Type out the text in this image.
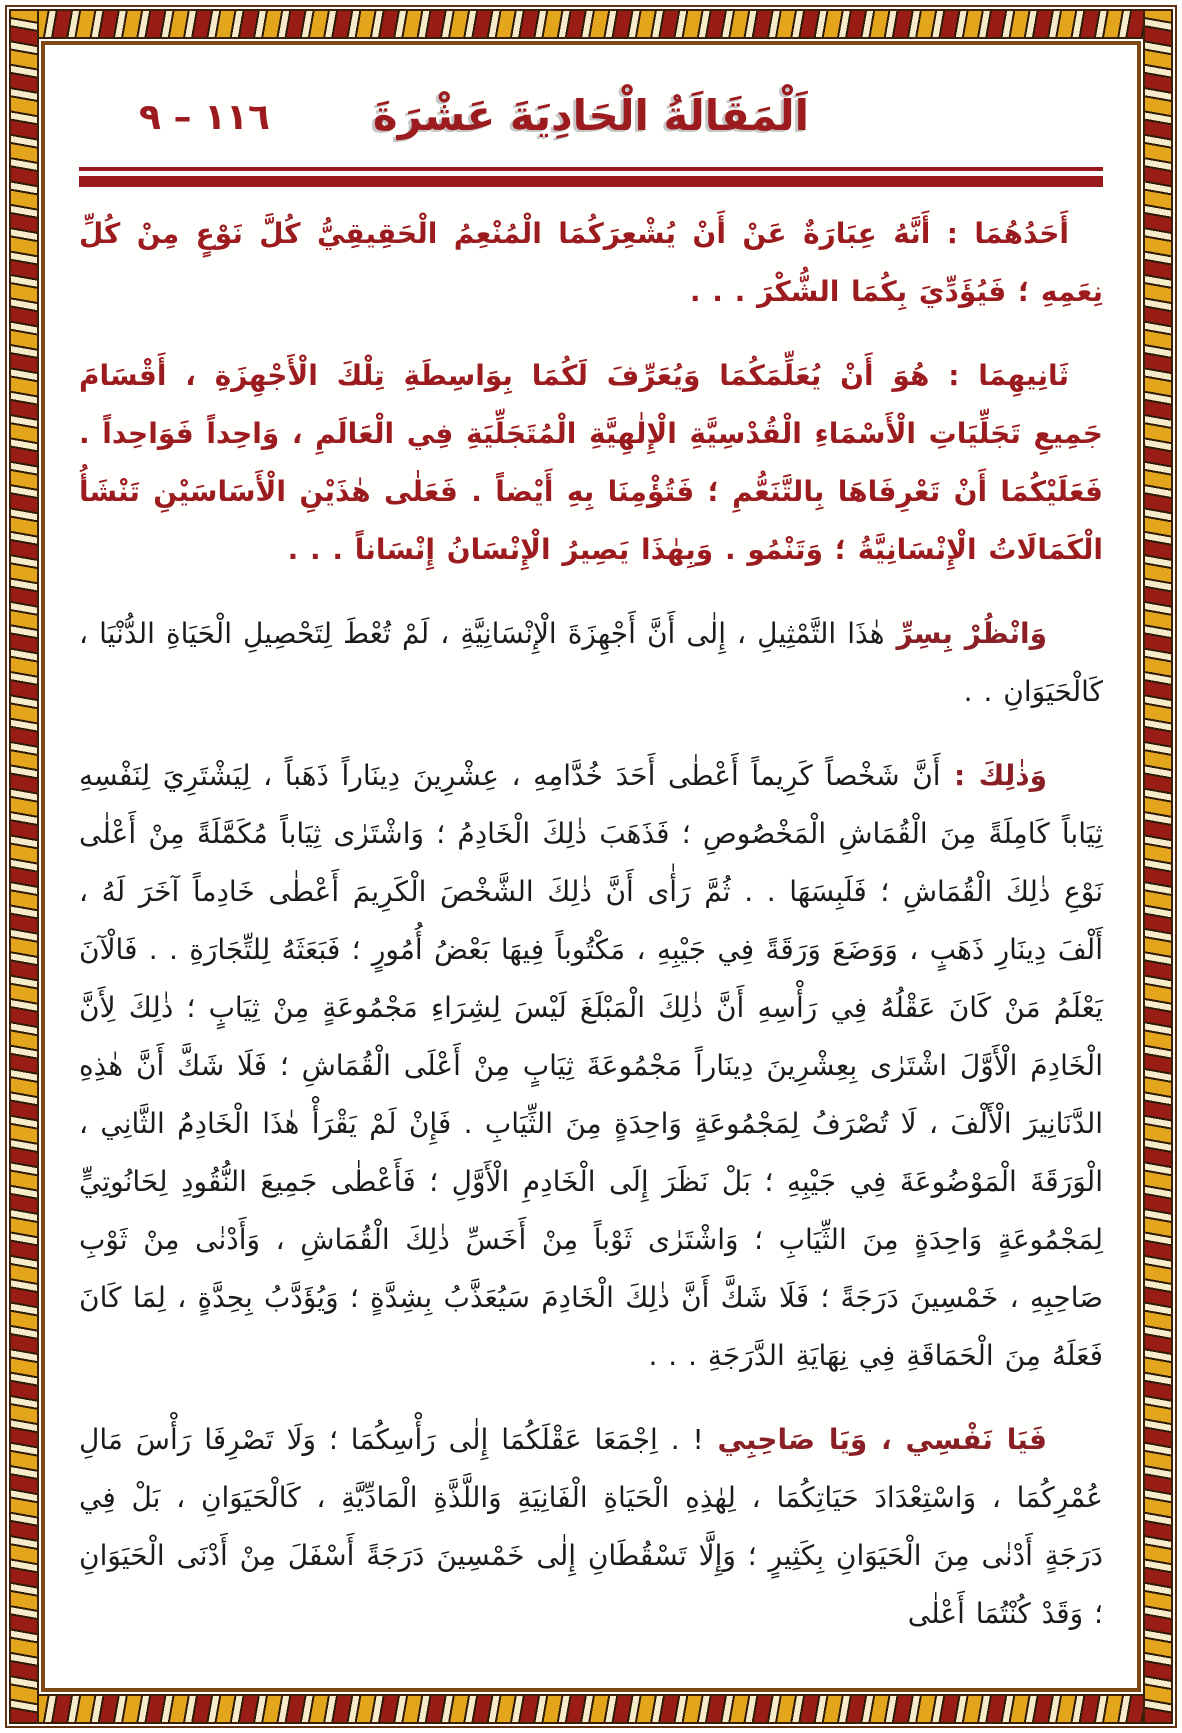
١١٦ – ٩	اَلْمَقَالَةُ الْحَادِيَةَ عَشْرَةَ

أَحَدُهُمَا : أَنَّهُ عِبَارَةٌ عَنْ أَنْ يُشْعِرَكُمَا الْمُنْعِمُ الْحَقِيقِيُّ كُلَّ نَوْعٍ مِنْ كُلِّ نِعَمِهِ ؛ فَيُؤَدِّيَ بِكُمَا الشُّكْرَ . . .

ثَانِيهِمَا : هُوَ أَنْ يُعَلِّمَكُمَا وَيُعَرِّفَ لَكُمَا بِوَاسِطَةِ تِلْكَ الْأَجْهِزَةِ ، أَقْسَامَ جَمِيعِ تَجَلِّيَاتِ الْأَسْمَاءِ الْقُدْسِيَّةِ الْإِلٰهِيَّةِ الْمُتَجَلِّيَةِ فِي الْعَالَمِ ، وَاحِداً فَوَاحِداً . فَعَلَيْكُمَا أَنْ تَعْرِفَاهَا بِالتَّنَعُّمِ ؛ فَتُؤْمِنَا بِهِ أَيْضاً . فَعَلٰى هٰذَيْنِ الْأَسَاسَيْنِ تَنْشَأُ الْكَمَالَاتُ الْإِنْسَانِيَّةُ ؛ وَتَنْمُو . وَبِهٰذَا يَصِيرُ الْإِنْسَانُ إِنْسَاناً . . .

وَانْظُرْ بِسِرِّ هٰذَا التَّمْثِيلِ ، إِلٰى أَنَّ أَجْهِزَةَ الْإِنْسَانِيَّةِ ، لَمْ تُعْطَ لِتَحْصِيلِ الْحَيَاةِ الدُّنْيَا ، كَالْحَيَوَانِ . .

وَذٰلِكَ : أَنَّ شَخْصاً كَرِيماً أَعْطٰى أَحَدَ خُدَّامِهِ ، عِشْرِينَ دِينَاراً ذَهَباً ، لِيَشْتَرِيَ لِنَفْسِهِ ثِيَاباً كَامِلَةً مِنَ الْقُمَاشِ الْمَخْصُوصِ ؛ فَذَهَبَ ذٰلِكَ الْخَادِمُ ؛ وَاشْتَرٰى ثِيَاباً مُكَمَّلَةً مِنْ أَعْلٰى نَوْعِ ذٰلِكَ الْقُمَاشِ ؛ فَلَبِسَهَا . . ثُمَّ رَأٰى أَنَّ ذٰلِكَ الشَّخْصَ الْكَرِيمَ أَعْطٰى خَادِماً آخَرَ لَهُ ، أَلْفَ دِينَارِ ذَهَبٍ ، وَوَضَعَ وَرَقَةً فِي جَيْبِهِ ، مَكْتُوباً فِيهَا بَعْضُ أُمُورٍ ؛ فَبَعَثَهُ لِلتِّجَارَةِ . . فَالْآنَ يَعْلَمُ مَنْ كَانَ عَقْلُهُ فِي رَأْسِهِ أَنَّ ذٰلِكَ الْمَبْلَغَ لَيْسَ لِشِرَاءِ مَجْمُوعَةٍ مِنْ ثِيَابٍ ؛ ذٰلِكَ لِأَنَّ الْخَادِمَ الْأَوَّلَ اشْتَرٰى بِعِشْرِينَ دِينَاراً مَجْمُوعَةَ ثِيَابٍ مِنْ أَعْلَى الْقُمَاشِ ؛ فَلَا شَكَّ أَنَّ هٰذِهِ الدَّنَانِيرَ الْأَلْفَ ، لَا تُصْرَفُ لِمَجْمُوعَةٍ وَاحِدَةٍ مِنَ الثِّيَابِ . فَإِنْ لَمْ يَقْرَأْ هٰذَا الْخَادِمُ الثَّانِي ، الْوَرَقَةَ الْمَوْضُوعَةَ فِي جَيْبِهِ ؛ بَلْ نَظَرَ إِلَى الْخَادِمِ الْأَوَّلِ ؛ فَأَعْطٰى جَمِيعَ النُّقُودِ لِحَانُوتِيٍّ لِمَجْمُوعَةٍ وَاحِدَةٍ مِنَ الثِّيَابِ ؛ وَاشْتَرٰى ثَوْباً مِنْ أَخَسِّ ذٰلِكَ الْقُمَاشِ ، وَأَدْنٰى مِنْ ثَوْبِ صَاحِبِهِ ، خَمْسِينَ دَرَجَةً ؛ فَلَا شَكَّ أَنَّ ذٰلِكَ الْخَادِمَ سَيُعَذَّبُ بِشِدَّةٍ ؛ وَيُؤَدَّبُ بِحِدَّةٍ ، لِمَا كَانَ فَعَلَهُ مِنَ الْحَمَاقَةِ فِي نِهَايَةِ الدَّرَجَةِ . . .

فَيَا نَفْسِي ، وَيَا صَاحِبِي ! . اِجْمَعَا عَقْلَكُمَا إِلٰى رَأْسِكُمَا ؛ وَلَا تَصْرِفَا رَأْسَ مَالِ عُمْرِكُمَا ، وَاسْتِعْدَادَ حَيَاتِكُمَا ، لِهٰذِهِ الْحَيَاةِ الْفَانِيَةِ وَاللَّذَّةِ الْمَادِّيَّةِ ، كَالْحَيَوَانِ ، بَلْ فِي دَرَجَةٍ أَدْنٰى مِنَ الْحَيَوَانِ بِكَثِيرٍ ؛ وَإِلَّا تَسْقُطَانِ إِلٰى خَمْسِينَ دَرَجَةً أَسْفَلَ مِنْ أَدْنَى الْحَيَوَانِ ؛ وَقَدْ كُنْتُمَا أَعْلٰى
